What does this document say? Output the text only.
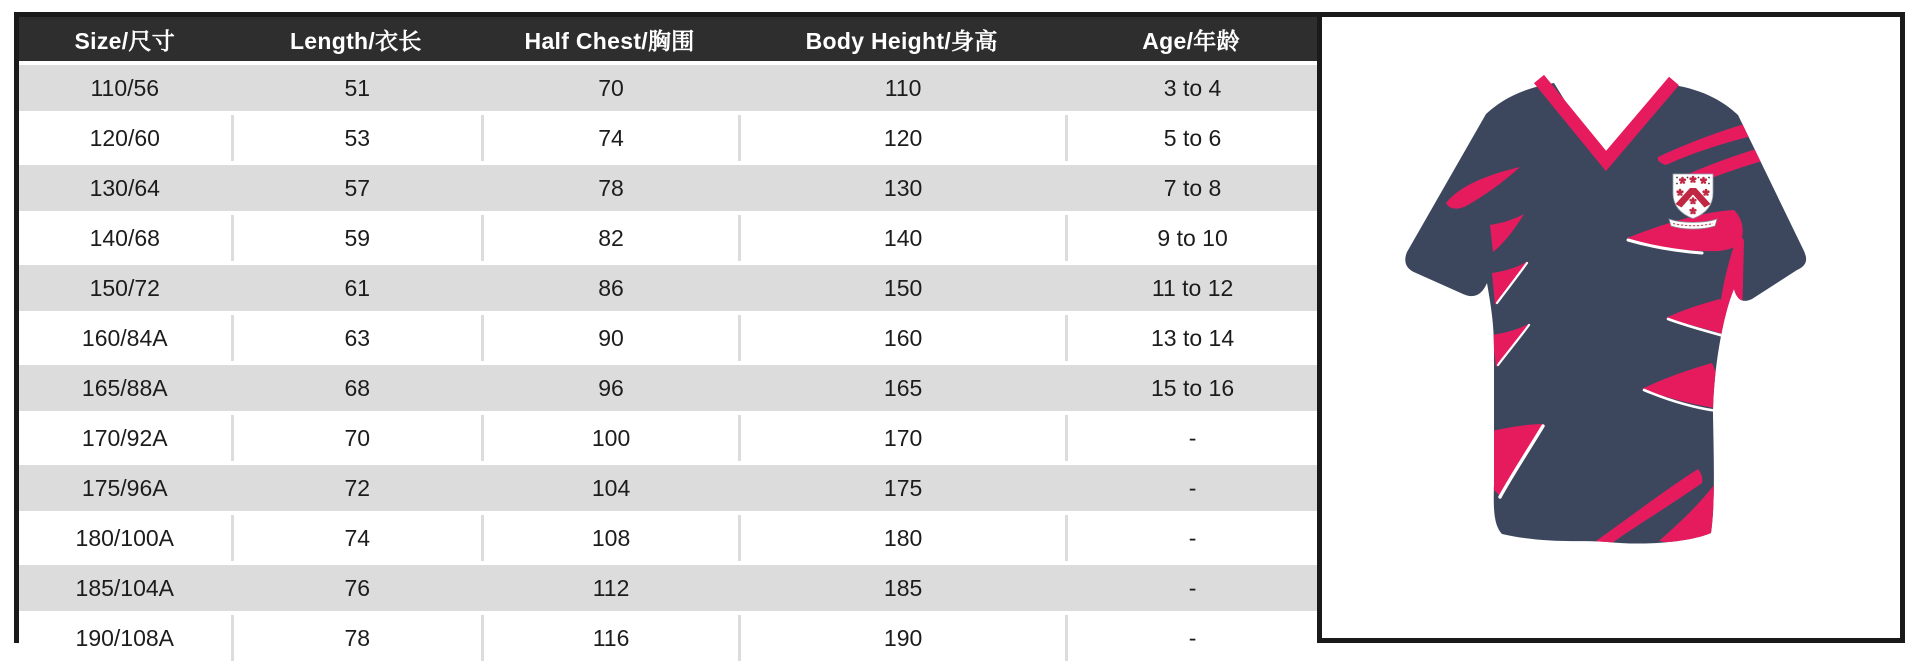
Size/尺寸	Length/衣长	Half Chest/胸围	Body Height/身高	Age/年龄
110/56	51	70	110	3 to 4
120/60	53	74	120	5 to 6
130/64	57	78	130	7 to 8
140/68	59	82	140	9 to 10
150/72	61	86	150	11 to 12
160/84A	63	90	160	13 to 14
165/88A	68	96	165	15 to 16
170/92A	70	100	170	-
175/96A	72	104	175	-
180/100A	74	108	180	-
185/104A	76	112	185	-
190/108A	78	116	190	-
